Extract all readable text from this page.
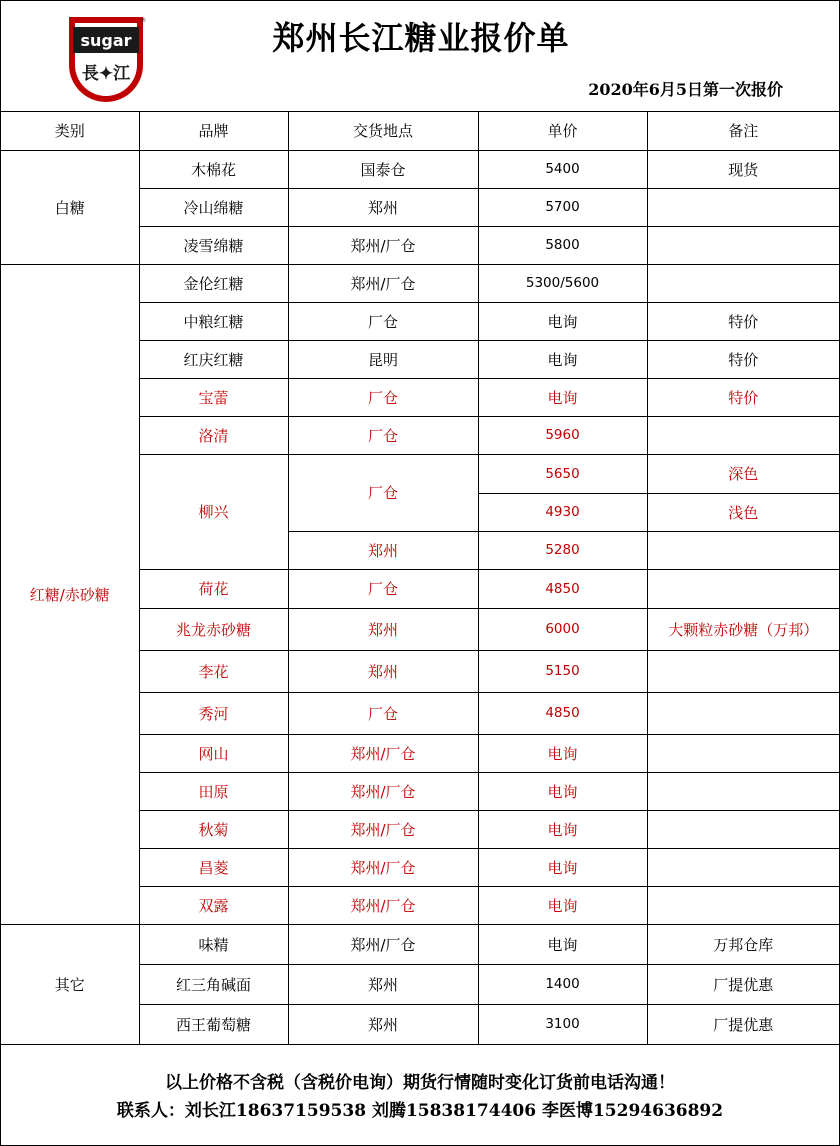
sugar
長✦江
®	郑州长江糖业报价单
2020年6月5日第一次报价
类别	品牌	交货地点	单价	备注
白糖	木棉花	国泰仓	5400	现货
	冷山绵糖	郑州	5700	
	凌雪绵糖	郑州/厂仓	5800	
红糖/赤砂糖	金伦红糖	郑州/厂仓	5300/5600	
	中粮红糖	厂仓	电询	特价
	红庆红糖	昆明	电询	特价
	宝蕾	厂仓	电询	特价
	洛清	厂仓	5960	
	柳兴	厂仓	5650	深色
			4930	浅色
		郑州	5280	
	荷花	厂仓	4850	
	兆龙赤砂糖	郑州	6000	大颗粒赤砂糖（万邦）
	李花	郑州	5150	
	秀河	厂仓	4850	
	网山	郑州/厂仓	电询	
	田原	郑州/厂仓	电询	
	秋菊	郑州/厂仓	电询	
	昌菱	郑州/厂仓	电询	
	双露	郑州/厂仓	电询	
其它	味精	郑州/厂仓	电询	万邦仓库
	红三角碱面	郑州	1400	厂提优惠
	西王葡萄糖	郑州	3100	厂提优惠
以上价格不含税（含税价电询）期货行情随时变化订货前电话沟通！
联系人：刘长江18637159538 刘腾15838174406 李医博15294636892
